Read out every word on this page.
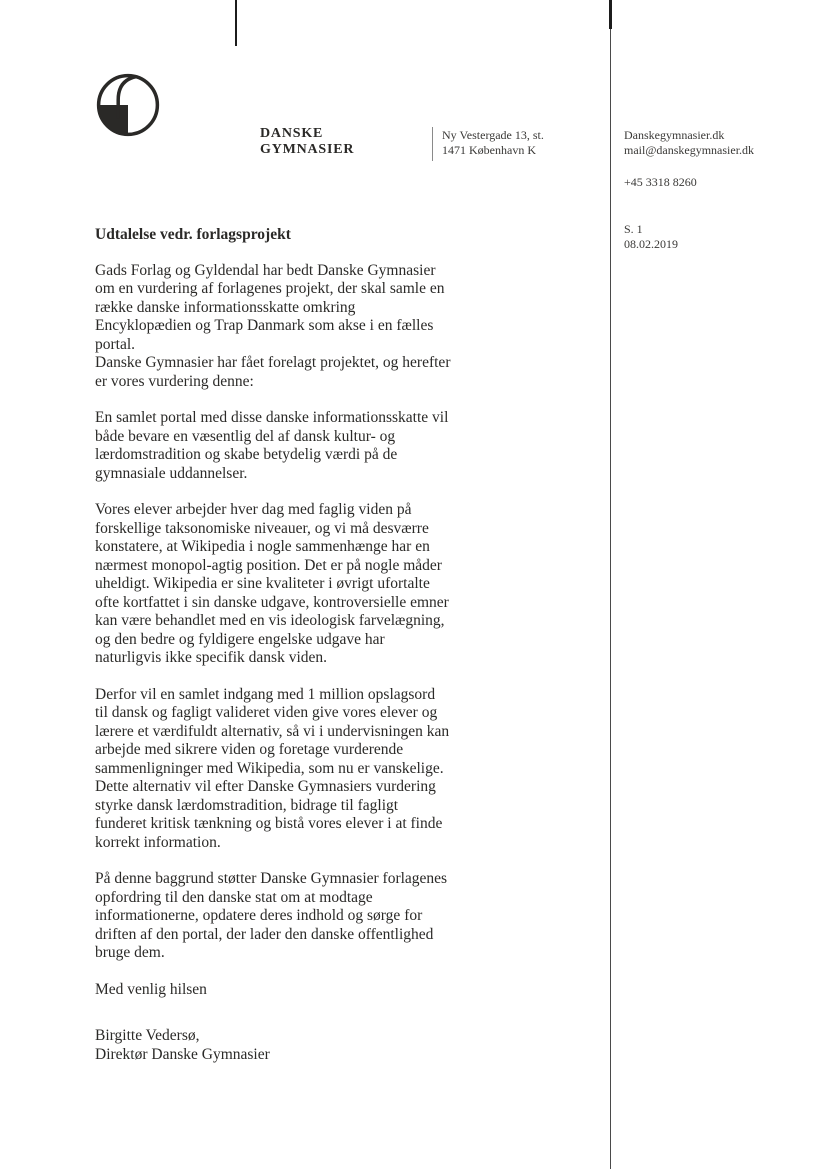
DANSKE
GYMNASIER
Ny Vestergade 13, st.
1471 København K
Danskegymnasier.dk
mail@danskegymnasier.dk
+45 3318 8260
S. 1
08.02.2019
Udtalelse vedr. forlagsprojekt

Gads Forlag og Gyldendal har bedt Danske Gymnasier om en vurdering af forlagenes projekt, der skal samle en række danske informationsskatte omkring Encyklopædien og Trap Danmark som akse i en fælles portal.

Danske Gymnasier har fået forelagt projektet, og herefter er vores vurdering denne:

En samlet portal med disse danske informationsskatte vil både bevare en væsentlig del af dansk kultur- og lærdomstradition og skabe betydelig værdi på de gymnasiale uddannelser.

Vores elever arbejder hver dag med faglig viden på forskellige taksonomiske niveauer, og vi må desværre konstatere, at Wikipedia i nogle sammenhænge har en nærmest monopol-agtig position. Det er på nogle måder uheldigt. Wikipedia er sine kvaliteter i øvrigt ufortalte ofte kortfattet i sin danske udgave, kontroversielle emner kan være behandlet med en vis ideologisk farvelægning, og den bedre og fyldigere engelske udgave har naturligvis ikke specifik dansk viden.

Derfor vil en samlet indgang med 1 million opslagsord til dansk og fagligt valideret viden give vores elever og lærere et værdifuldt alternativ, så vi i undervisningen kan arbejde med sikrere viden og foretage vurderende sammenligninger med Wikipedia, som nu er vanskelige. Dette alternativ vil efter Danske Gymnasiers vurdering styrke dansk lærdomstradition, bidrage til fagligt funderet kritisk tænkning og bistå vores elever i at finde korrekt information.

På denne baggrund støtter Danske Gymnasier forlagenes opfordring til den danske stat om at modtage informationerne, opdatere deres indhold og sørge for driften af den portal, der lader den danske offentlighed bruge dem.

Med venlig hilsen

Birgitte Vedersø,
Direktør Danske Gymnasier
